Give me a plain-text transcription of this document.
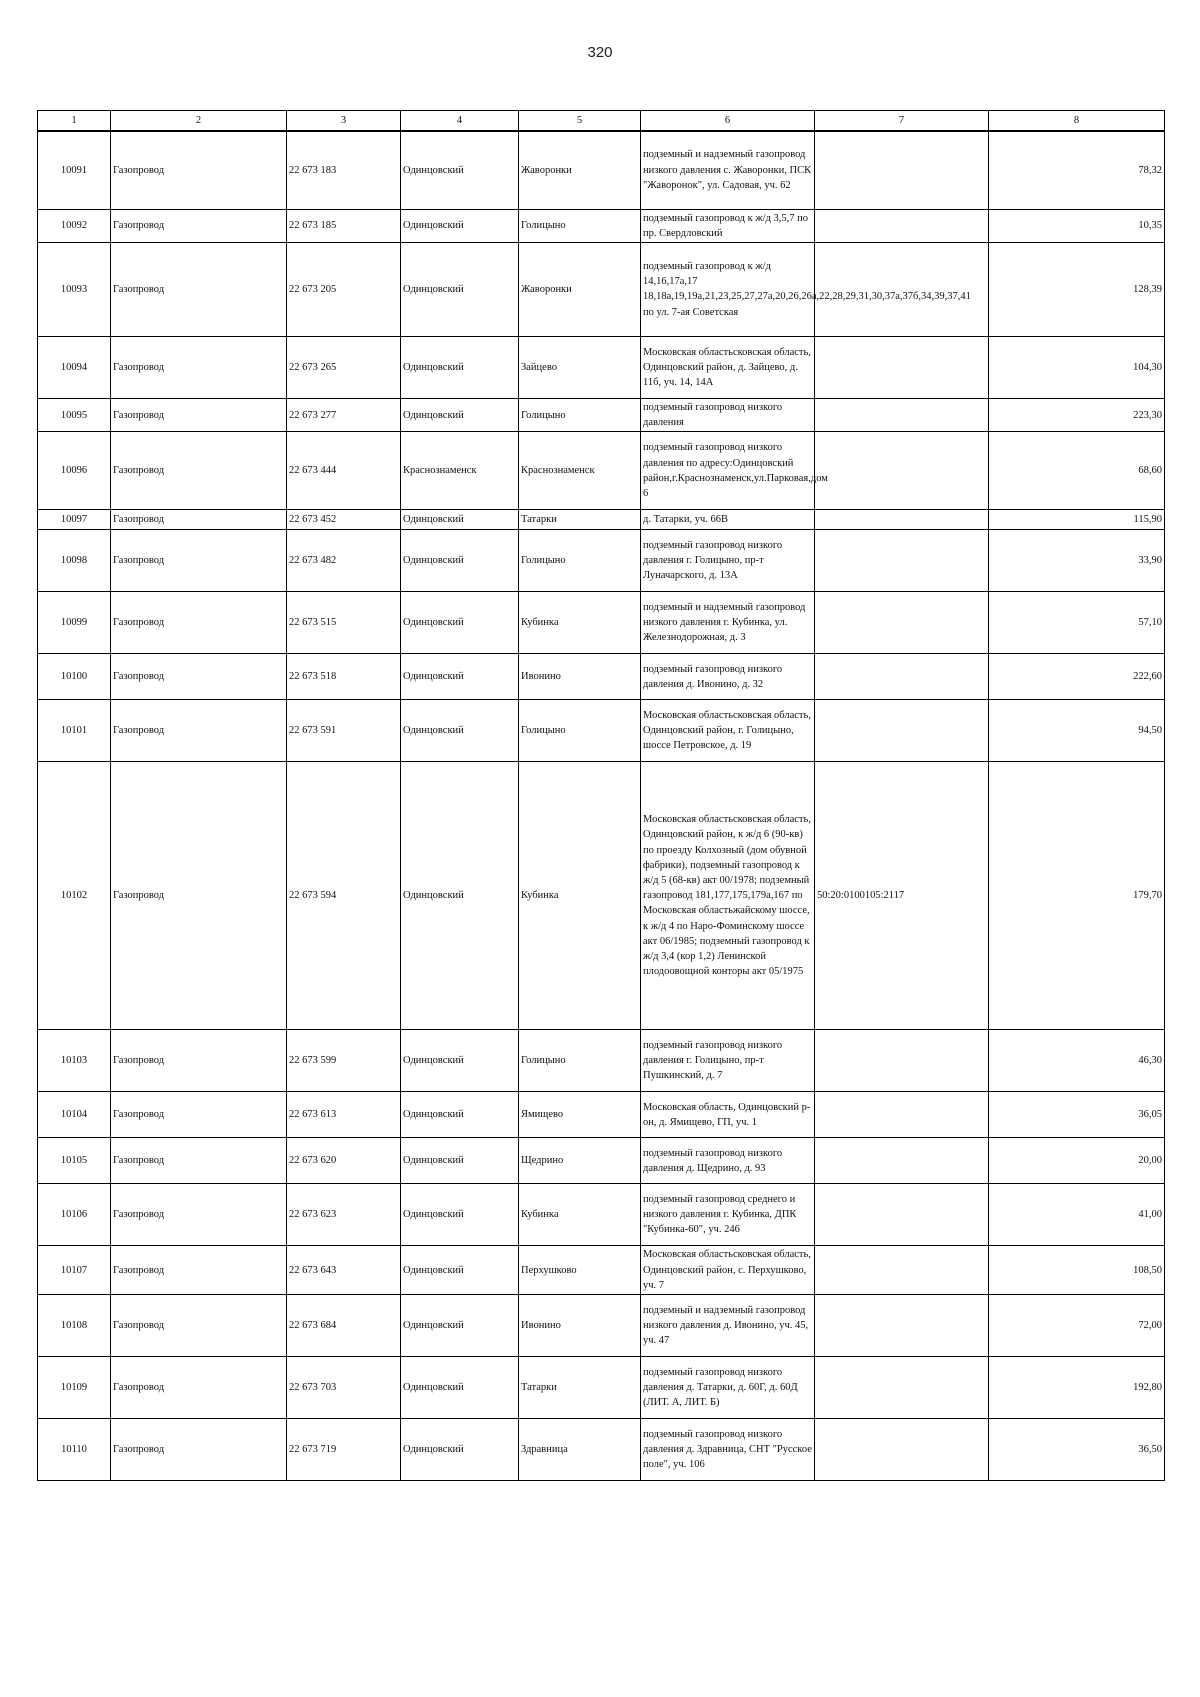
320
1	2	3	4	5	6	7	8
10091	Газопровод	22 673 183	Одинцовский	Жаворонки	подземный и надземный газопровод низкого давления с. Жаворонки, ПСК "Жаворонок", ул. Садовая, уч. 62		78,32
10092	Газопровод	22 673 185	Одинцовский	Голицыно	подземный газопровод к ж/д 3,5,7 по пр. Свердловский		10,35
10093	Газопровод	22 673 205	Одинцовский	Жаворонки	подземный газопровод к ж/д 14,16,17а,17 18,18а,19,19а,21,23,25,27,27а,20,26,26а,22,28,29,31,30,37а,37б,34,39,37,41 по ул. 7-ая Советская		128,39
10094	Газопровод	22 673 265	Одинцовский	Зайцево	Московская областьсковская область, Одинцовский район, д. Зайцево, д. 11б, уч. 14, 14А		104,30
10095	Газопровод	22 673 277	Одинцовский	Голицыно	подземный газопровод низкого давления		223,30
10096	Газопровод	22 673 444	Краснознаменск	Краснознаменск	подземный газопровод низкого давления по адресу:Одинцовский район,г.Краснознаменск,ул.Парковая,дом 6		68,60
10097	Газопровод	22 673 452	Одинцовский	Татарки	д. Татарки, уч. 66В		115,90
10098	Газопровод	22 673 482	Одинцовский	Голицыно	подземный газопровод низкого давления г. Голицыно, пр-т Луначарского, д. 13А		33,90
10099	Газопровод	22 673 515	Одинцовский	Кубинка	подземный и надземный газопровод низкого давления г. Кубинка, ул. Железнодорожная, д. 3		57,10
10100	Газопровод	22 673 518	Одинцовский	Ивонино	подземный газопровод низкого давления д. Ивонино, д. 32		222,60
10101	Газопровод	22 673 591	Одинцовский	Голицыно	Московская областьсковская область, Одинцовский район, г. Голицыно, шоссе Петровское, д. 19		94,50
10102	Газопровод	22 673 594	Одинцовский	Кубинка	Московская областьсковская область, Одинцовский район, к ж/д 6 (90-кв) по проезду Колхозный (дом обувной фабрики), подземный газопровод к ж/д 5 (68-кв) акт 00/1978; подземный газопровод 181,177,175,179а,167 по Московская областьжайскому шоссе, к ж/д 4 по Наро-Фоминскому шоссе акт 06/1985; подземный газопровод к ж/д 3,4 (кор 1,2) Ленинской плодоовощной конторы акт 05/1975	50:20:0100105:2117	179,70
10103	Газопровод	22 673 599	Одинцовский	Голицыно	подземный газопровод низкого давления г. Голицыно, пр-т Пушкинский, д. 7		46,30
10104	Газопровод	22 673 613	Одинцовский	Ямищево	Московская область, Одинцовский р-он, д. Ямищево, ГП, уч. 1		36,05
10105	Газопровод	22 673 620	Одинцовский	Щедрино	подземный газопровод низкого давления д. Щедрино, д. 93		20,00
10106	Газопровод	22 673 623	Одинцовский	Кубинка	подземный газопровод среднего и низкого давления г. Кубинка, ДПК "Кубинка-60", уч. 246		41,00
10107	Газопровод	22 673 643	Одинцовский	Перхушково	Московская областьсковская область, Одинцовский район, с. Перхушково, уч. 7		108,50
10108	Газопровод	22 673 684	Одинцовский	Ивонино	подземный и надземный газопровод низкого давления д. Ивонино, уч. 45, уч. 47		72,00
10109	Газопровод	22 673 703	Одинцовский	Татарки	подземный газопровод низкого давления д. Татарки, д. 60Г, д. 60Д (ЛИТ. А, ЛИТ. Б)		192,80
10110	Газопровод	22 673 719	Одинцовский	Здравница	подземный газопровод низкого давления д. Здравница, СНТ "Русское поле", уч. 106		36,50
